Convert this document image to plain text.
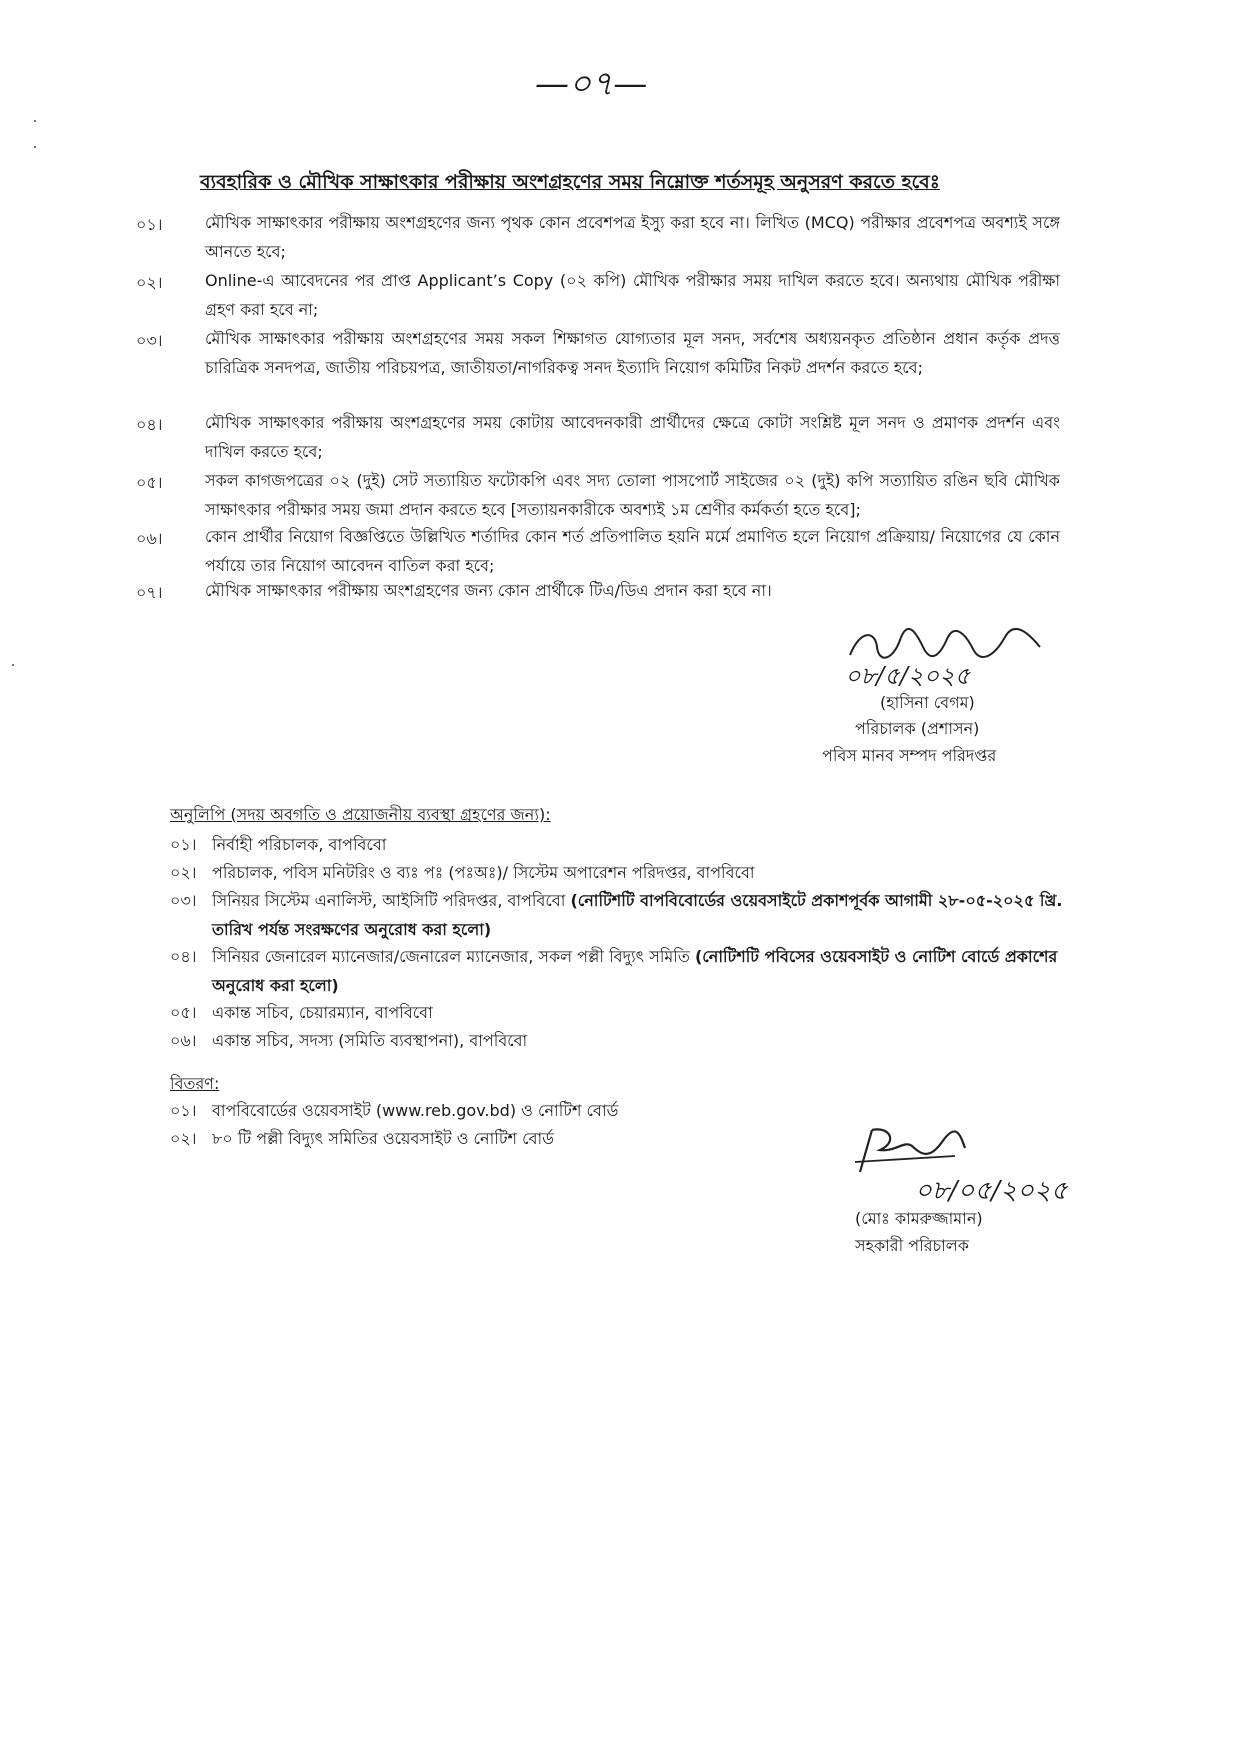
—০৭—
ব্যবহারিক ও মৌখিক সাক্ষাৎকার পরীক্ষায় অংশগ্রহণের সময় নিম্নোক্ত শর্তসমূহ অনুসরণ করতে হবেঃ
০১।	মৌখিক সাক্ষাৎকার পরীক্ষায় অংশগ্রহণের জন্য পৃথক কোন প্রবেশপত্র ইস্যু করা হবে না। লিখিত (MCQ) পরীক্ষার প্রবেশপত্র অবশ্যই সঙ্গে আনতে হবে;
০২।	Online-এ আবেদনের পর প্রাপ্ত Applicant’s Copy (০২ কপি) মৌখিক পরীক্ষার সময় দাখিল করতে হবে। অন্যথায় মৌখিক পরীক্ষা গ্রহণ করা হবে না;
০৩।	মৌখিক সাক্ষাৎকার পরীক্ষায় অংশগ্রহণের সময় সকল শিক্ষাগত যোগ্যতার মূল সনদ, সর্বশেষ অধ্যয়নকৃত প্রতিষ্ঠান প্রধান কর্তৃক প্রদত্ত চারিত্রিক সনদপত্র, জাতীয় পরিচয়পত্র, জাতীয়তা/নাগরিকত্ব সনদ ইত্যাদি নিয়োগ কমিটির নিকট প্রদর্শন করতে হবে;
০৪।	মৌখিক সাক্ষাৎকার পরীক্ষায় অংশগ্রহণের সময় কোটায় আবেদনকারী প্রার্থীদের ক্ষেত্রে কোটা সংশ্লিষ্ট মূল সনদ ও প্রমাণক প্রদর্শন এবং দাখিল করতে হবে;
০৫।	সকল কাগজপত্রের ০২ (দুই) সেট সত্যায়িত ফটোকপি এবং সদ্য তোলা পাসপোর্ট সাইজের ০২ (দুই) কপি সত্যায়িত রঙিন ছবি মৌখিক সাক্ষাৎকার পরীক্ষার সময় জমা প্রদান করতে হবে [সত্যায়নকারীকে অবশ্যই ১ম শ্রেণীর কর্মকর্তা হতে হবে];
০৬।	কোন প্রার্থীর নিয়োগ বিজ্ঞপ্তিতে উল্লিখিত শর্তাদির কোন শর্ত প্রতিপালিত হয়নি মর্মে প্রমাণিত হলে নিয়োগ প্রক্রিয়ায়/ নিয়োগের যে কোন পর্যায়ে তার নিয়োগ আবেদন বাতিল করা হবে;
০৭।	মৌখিক সাক্ষাৎকার পরীক্ষায় অংশগ্রহণের জন্য কোন প্রার্থীকে টিএ/ডিএ প্রদান করা হবে না।
০৮/৫/২০২৫
(হাসিনা বেগম)
পরিচালক (প্রশাসন)
পবিস মানব সম্পদ পরিদপ্তর
অনুলিপি (সদয় অবগতি ও প্রয়োজনীয় ব্যবস্থা গ্রহণের জন্য):
০১। নির্বাহী পরিচালক, বাপবিবো
০২। পরিচালক, পবিস মনিটরিং ও ব্যঃ পঃ (পঃঅঃ)/ সিস্টেম অপারেশন পরিদপ্তর, বাপবিবো
০৩। সিনিয়র সিস্টেম এনালিস্ট, আইসিটি পরিদপ্তর, বাপবিবো (নোটিশটি বাপবিবোর্ডের ওয়েবসাইটে প্রকাশপূর্বক আগামী ২৮-০৫-২০২৫ খ্রি. তারিখ পর্যন্ত সংরক্ষণের অনুরোধ করা হলো)
০৪। সিনিয়র জেনারেল ম্যানেজার/জেনারেল ম্যানেজার, সকল পল্লী বিদ্যুৎ সমিতি (নোটিশটি পবিসের ওয়েবসাইট ও নোটিশ বোর্ডে প্রকাশের অনুরোধ করা হলো)
০৫। একান্ত সচিব, চেয়ারম্যান, বাপবিবো
০৬। একান্ত সচিব, সদস্য (সমিতি ব্যবস্থাপনা), বাপবিবো
বিতরণ:
০১। বাপবিবোর্ডের ওয়েবসাইট (www.reb.gov.bd) ও নোটিশ বোর্ড
০২। ৮০ টি পল্লী বিদ্যুৎ সমিতির ওয়েবসাইট ও নোটিশ বোর্ড
০৮/০৫/২০২৫
(মোঃ কামরুজ্জামান)
সহকারী পরিচালক
